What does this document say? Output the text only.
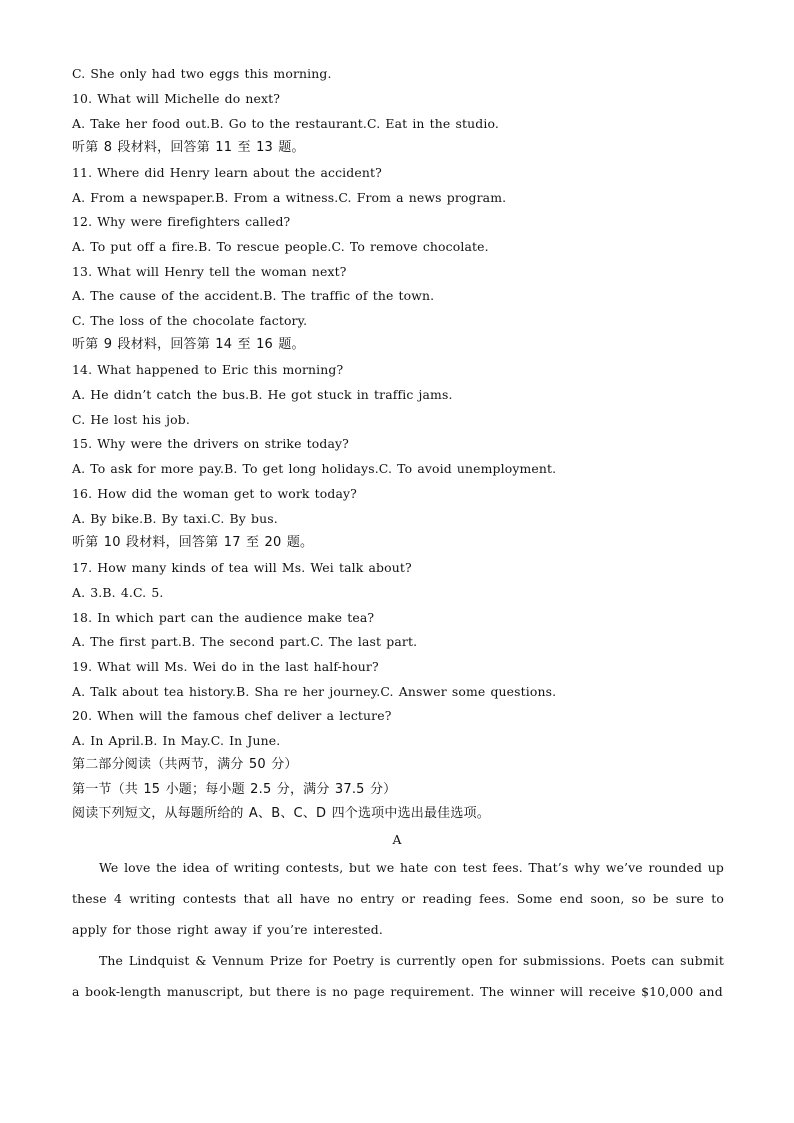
C. She only had two eggs this morning.
10. What will Michelle do next?
A. Take her food out.B. Go to the restaurant.C. Eat in the studio.
听第 8 段材料，回答第 11 至 13 题。
11. Where did Henry learn about the accident?
A. From a newspaper.B. From a witness.C. From a news program.
12. Why were firefighters called?
A. To put off a fire.B. To rescue people.C. To remove chocolate.
13. What will Henry tell the woman next?
A. The cause of the accident.B. The traffic of the town.
C. The loss of the chocolate factory.
听第 9 段材料，回答第 14 至 16 题。
14. What happened to Eric this morning?
A. He didn’t catch the bus.B. He got stuck in traffic jams.
C. He lost his job.
15. Why were the drivers on strike today?
A. To ask for more pay.B. To get long holidays.C. To avoid unemployment.
16. How did the woman get to work today?
A. By bike.B. By taxi.C. By bus.
听第 10 段材料，回答第 17 至 20 题。
17. How many kinds of tea will Ms. Wei talk about?
A. 3.B. 4.C. 5.
18. In which part can the audience make tea?
A. The first part.B. The second part.C. The last part.
19. What will Ms. Wei do in the last half-hour?
A. Talk about tea history.B. Sha re her journey.C. Answer some questions.
20. When will the famous chef deliver a lecture?
A. In April.B. In May.C. In June.
第二部分阅读（共两节，满分 50 分）
第一节（共 15 小题；每小题 2.5 分，满分 37.5 分）
阅读下列短文，从每题所给的 A、B、C、D 四个选项中选出最佳选项。
A

We love the idea of writing contests, but we hate con test fees. That’s why we’ve rounded up these 4 writing contests that all have no entry or reading fees. Some end soon, so be sure to apply for those right away if you’re interested.

The Lindquist & Vennum Prize for Poetry is currently open for submissions. Poets can submit a book-length manuscript, but there is no page requirement. The winner will receive $10,000 and
